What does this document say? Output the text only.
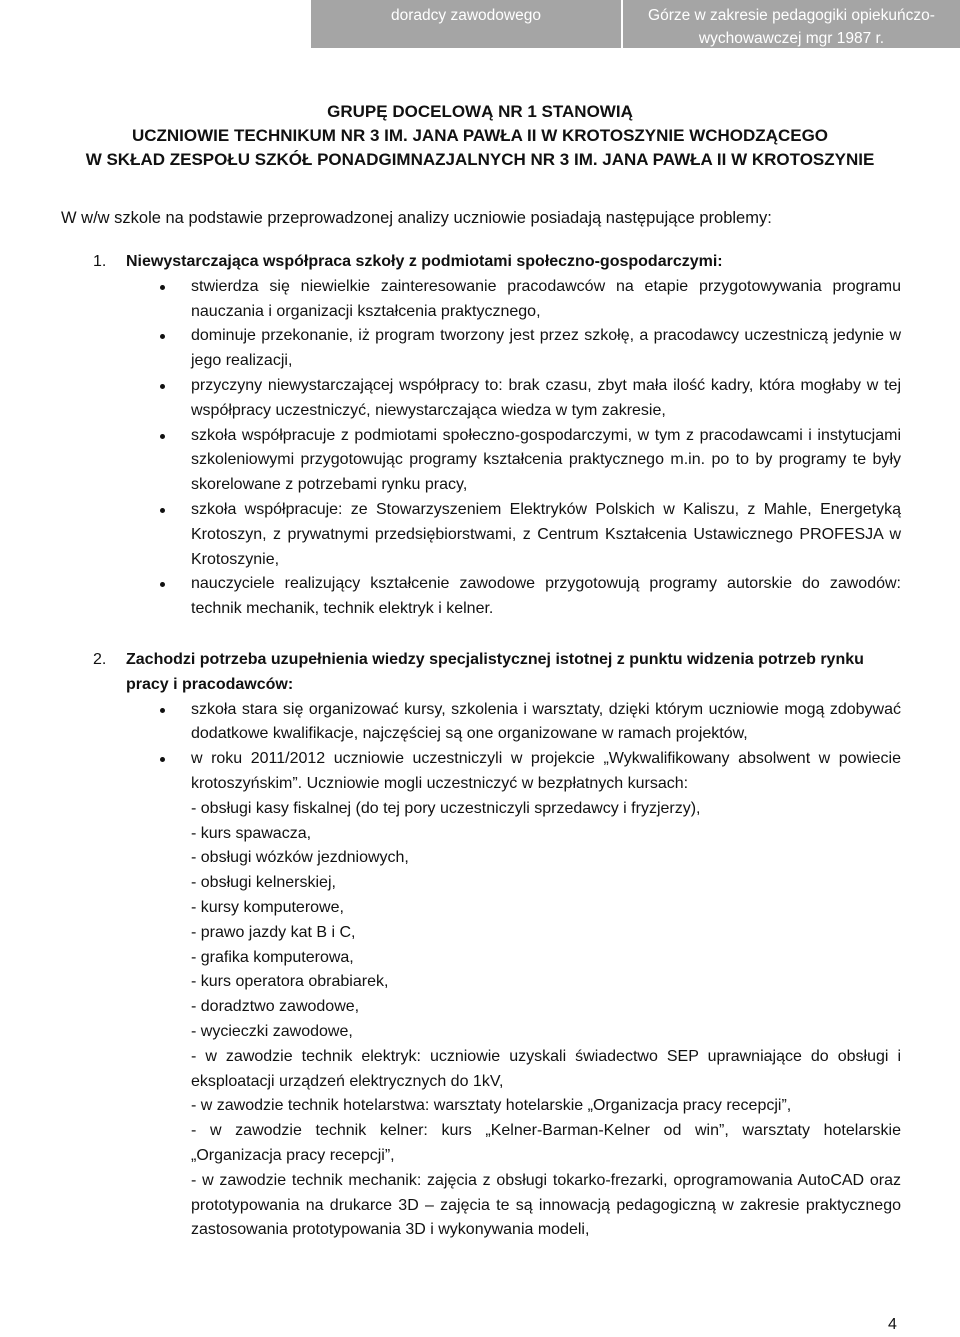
doradcy zawodowego	Górze w zakresie pedagogiki opiekuńczo-
wychowawczej mgr 1987 r.
GRUPĘ DOCELOWĄ NR 1 STANOWIĄ
UCZNIOWIE TECHNIKUM NR 3 IM. JANA PAWŁA II W KROTOSZYNIE WCHODZĄCEGO
W SKŁAD ZESPOŁU SZKÓŁ PONADGIMNAZJALNYCH NR 3 IM. JANA PAWŁA II W KROTOSZYNIE
W w/w szkole na podstawie przeprowadzonej analizy uczniowie posiadają następujące problemy:
1.	Niewystarczająca współpraca szkoły z podmiotami społeczno-gospodarczymi:
stwierdza się niewielkie zainteresowanie pracodawców na etapie przygotowywania programu nauczania i organizacji kształcenia praktycznego,
dominuje przekonanie, iż program tworzony jest przez szkołę, a pracodawcy uczestniczą jedynie w jego realizacji,
przyczyny niewystarczającej współpracy to: brak czasu, zbyt mała ilość kadry, która mogłaby w tej współpracy uczestniczyć, niewystarczająca wiedza w tym zakresie,
szkoła współpracuje z podmiotami społeczno-gospodarczymi, w tym z pracodawcami i instytucjami szkoleniowymi przygotowując programy kształcenia praktycznego m.in. po to by programy te były skorelowane z potrzebami rynku pracy,
szkoła współpracuje: ze Stowarzyszeniem Elektryków Polskich w Kaliszu, z Mahle, Energetyką Krotoszyn, z prywatnymi przedsiębiorstwami, z Centrum Kształcenia Ustawicznego PROFESJA w Krotoszynie,
nauczyciele realizujący kształcenie zawodowe przygotowują programy autorskie do zawodów: technik mechanik, technik elektryk i kelner.
2.	Zachodzi potrzeba uzupełnienia wiedzy specjalistycznej istotnej z punktu widzenia potrzeb rynku pracy i pracodawców:
szkoła stara się organizować kursy, szkolenia i warsztaty, dzięki którym uczniowie mogą zdobywać dodatkowe kwalifikacje, najczęściej są one organizowane w ramach projektów,
w roku 2011/2012 uczniowie uczestniczyli w projekcie „Wykwalifikowany absolwent w powiecie krotoszyńskim”. Uczniowie mogli uczestniczyć w bezpłatnych kursach:
- obsługi kasy fiskalnej (do tej pory uczestniczyli sprzedawcy i fryzjerzy),
- kurs spawacza,
- obsługi wózków jezdniowych,
- obsługi kelnerskiej,
- kursy komputerowe,
- prawo jazdy kat B i C,
- grafika komputerowa,
- kurs operatora obrabiarek,
- doradztwo zawodowe,
- wycieczki zawodowe,
- w zawodzie technik elektryk: uczniowie uzyskali świadectwo SEP uprawniające do obsługi i eksploatacji urządzeń elektrycznych do 1kV,
- w zawodzie technik hotelarstwa: warsztaty hotelarskie „Organizacja pracy recepcji”,
- w zawodzie technik kelner: kurs „Kelner-Barman-Kelner od win”, warsztaty hotelarskie „Organizacja pracy recepcji”,
- w zawodzie technik mechanik: zajęcia z obsługi tokarko-frezarki, oprogramowania AutoCAD oraz prototypowania na drukarce 3D – zajęcia te są innowacją pedagogiczną w zakresie praktycznego zastosowania prototypowania 3D i wykonywania modeli,
4
